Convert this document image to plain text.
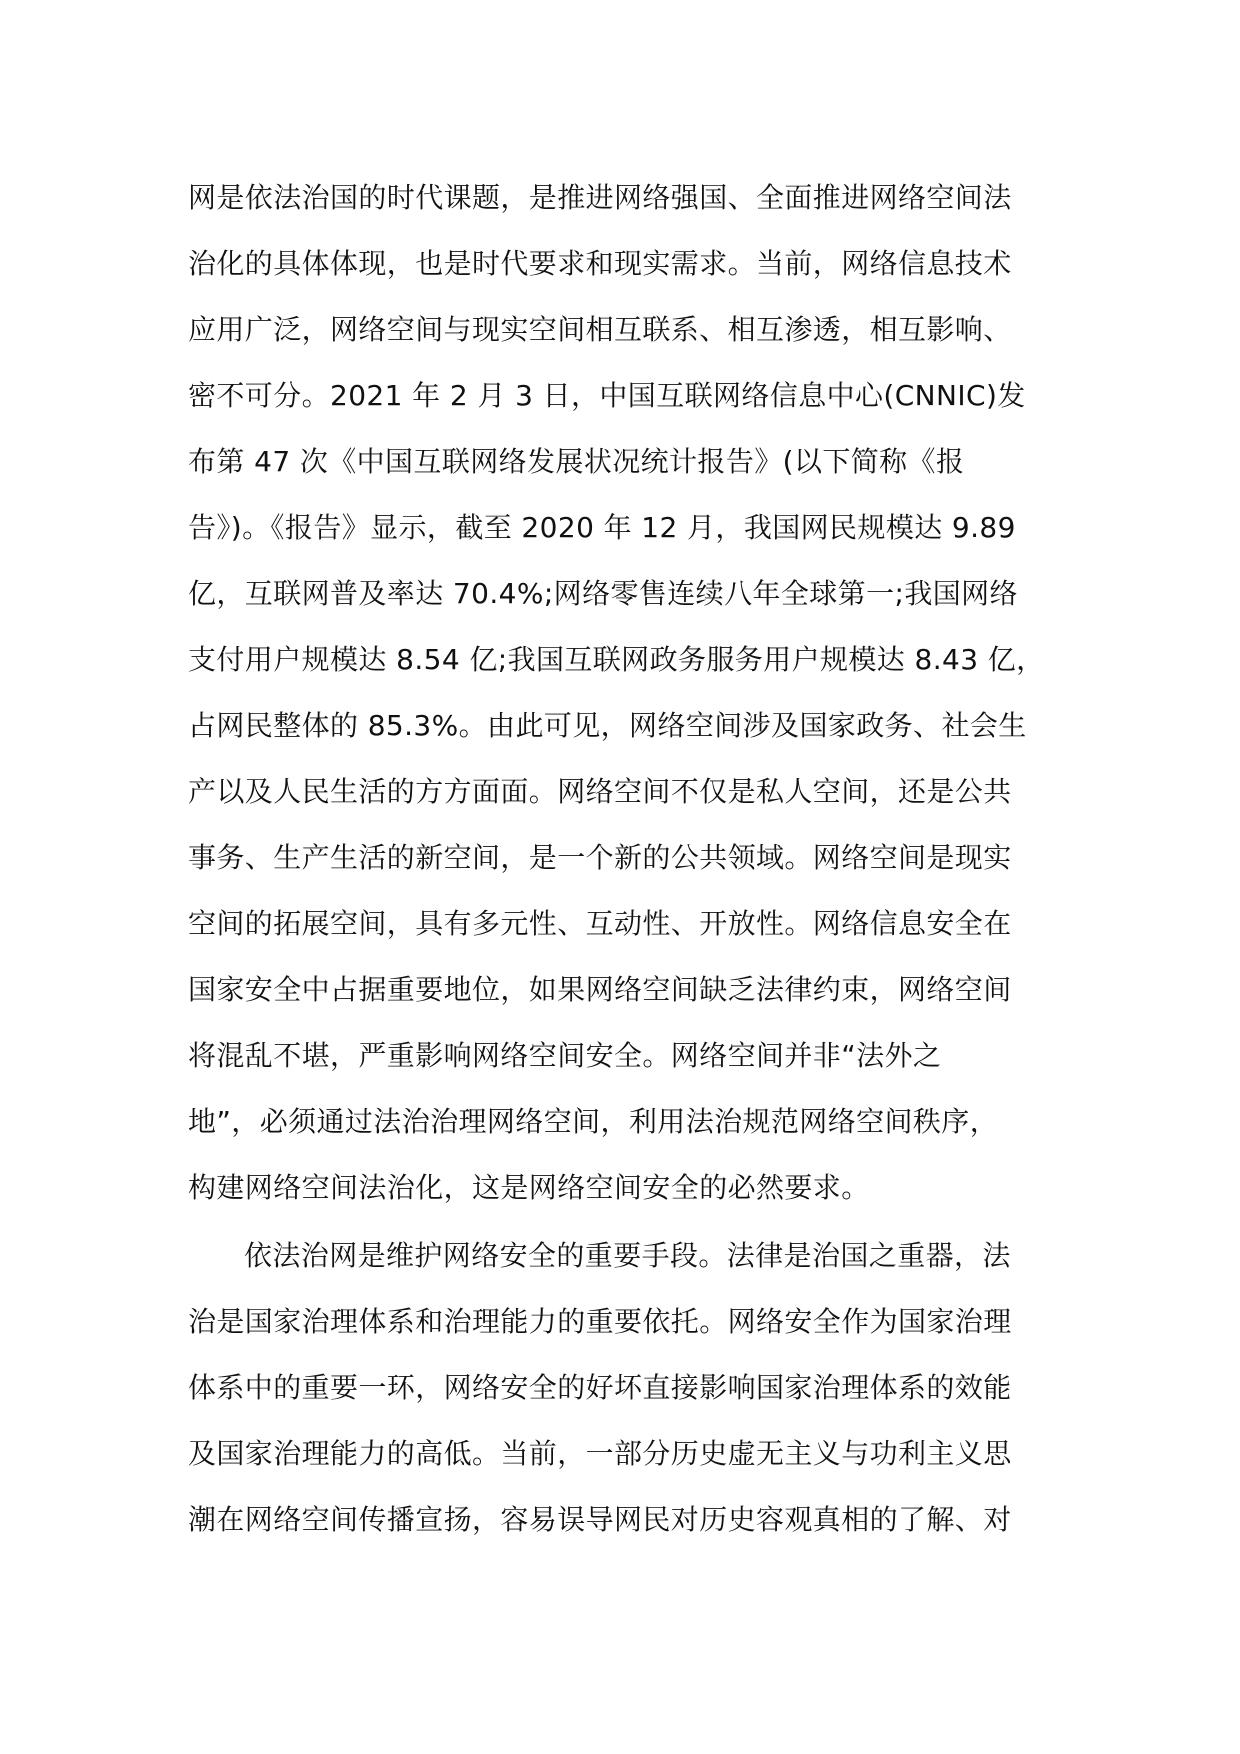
网是依法治国的时代课题，是推进网络强国、全面推进网络空间法
治化的具体体现，也是时代要求和现实需求。当前，网络信息技术
应用广泛，网络空间与现实空间相互联系、相互渗透，相互影响、
密不可分。2021 年 2 月 3 日，中国互联网络信息中心(CNNIC)发
布第 47 次《中国互联网络发展状况统计报告》(以下简称《报
告》)。《报告》显示，截至 2020 年 12 月，我国网民规模达 9.89
亿，互联网普及率达 70.4%;网络零售连续八年全球第一;我国网络
支付用户规模达 8.54 亿;我国互联网政务服务用户规模达 8.43 亿，
占网民整体的 85.3%。由此可见，网络空间涉及国家政务、社会生
产以及人民生活的方方面面。网络空间不仅是私人空间，还是公共
事务、生产生活的新空间，是一个新的公共领域。网络空间是现实
空间的拓展空间，具有多元性、互动性、开放性。网络信息安全在
国家安全中占据重要地位，如果网络空间缺乏法律约束，网络空间
将混乱不堪，严重影响网络空间安全。网络空间并非“法外之
地”，必须通过法治治理网络空间，利用法治规范网络空间秩序，
构建网络空间法治化，这是网络空间安全的必然要求。
依法治网是维护网络安全的重要手段。法律是治国之重器，法
治是国家治理体系和治理能力的重要依托。网络安全作为国家治理
体系中的重要一环，网络安全的好坏直接影响国家治理体系的效能
及国家治理能力的高低。当前，一部分历史虚无主义与功利主义思
潮在网络空间传播宣扬，容易误导网民对历史容观真相的了解、对
